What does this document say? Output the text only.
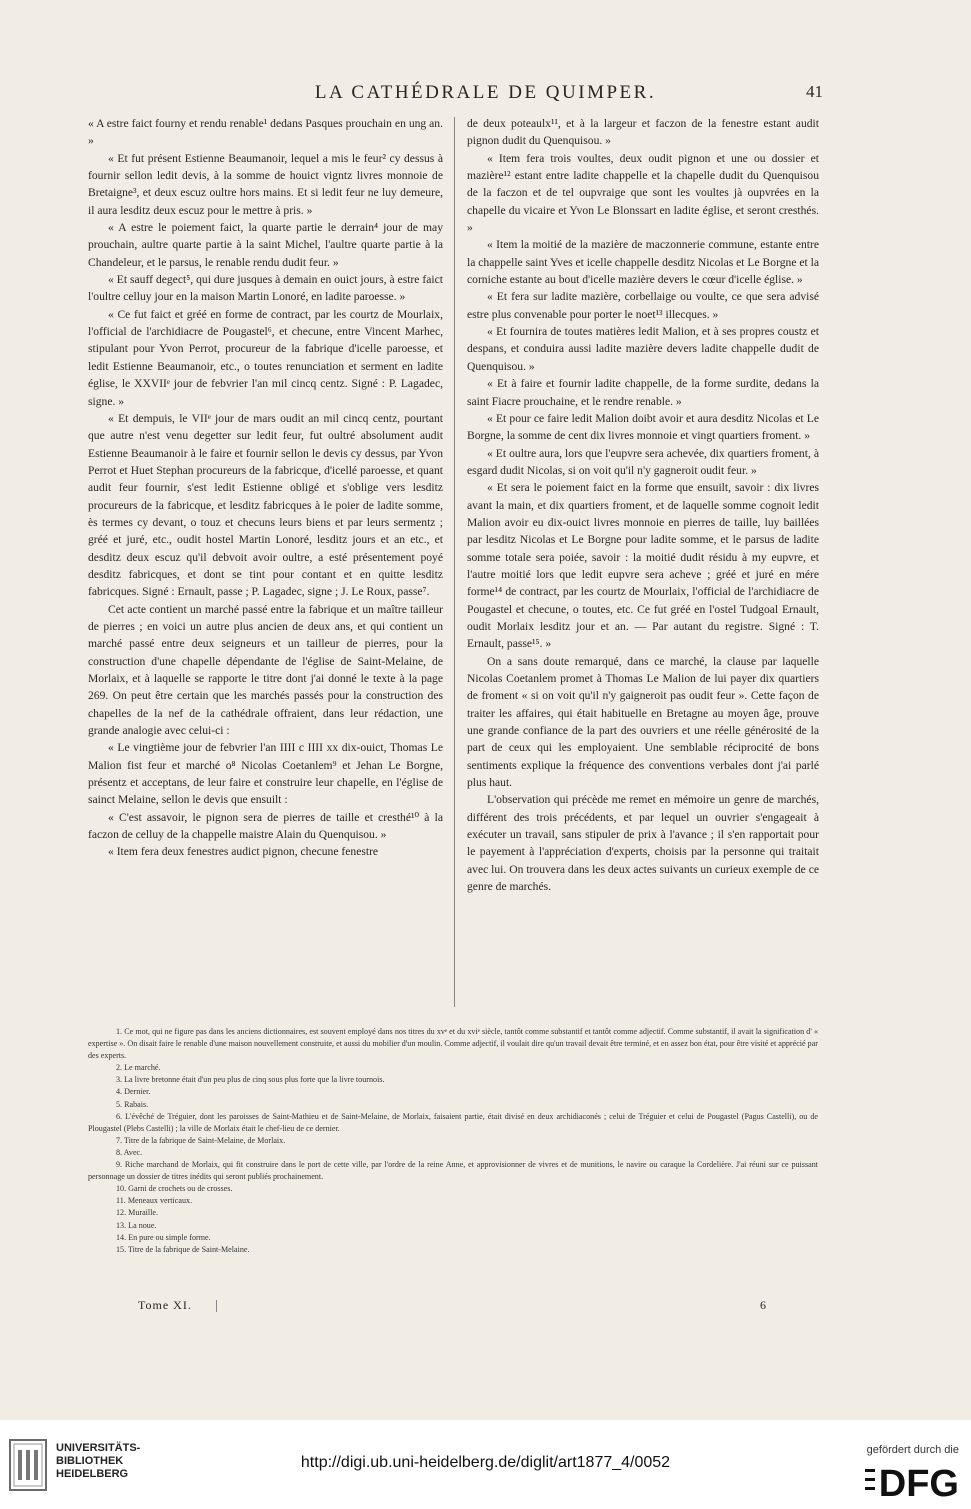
LA CATHÉDRALE DE QUIMPER.	41

« A estre faict fourny et rendu renable¹ dedans Pasques prouchain en ung an. »

« Et fut présent Estienne Beaumanoir, lequel a mis le feur² cy dessus à fournir sellon ledit devis, à la somme de houict vigntz livres monnoie de Bretaigne³, et deux escuz oultre hors mains. Et si ledit feur ne luy demeure, il aura lesditz deux escuz pour le mettre à pris. »

« A estre le poiement faict, la quarte partie le derrain⁴ jour de may prouchain, aultre quarte partie à la saint Michel, l'aultre quarte partie à la Chandeleur, et le parsus, le renable rendu dudit feur. »

« Et sauff degect⁵, qui dure jusques à demain en ouict jours, à estre faict l'oultre celluy jour en la maison Martin Lonoré, en ladite paroesse. »

« Ce fut faict et gréé en forme de contract, par les courtz de Mourlaix, l'official de l'archidiacre de Pougastel⁶, et checune, entre Vincent Marhec, stipulant pour Yvon Perrot, procureur de la fabrique d'icelle paroesse, et ledit Estienne Beaumanoir, etc., o toutes renunciation et serment en ladite église, le XXVIIᵉ jour de febvrier l'an mil cincq centz. Signé : P. Lagadec, signe. »

« Et dempuis, le VIIᵉ jour de mars oudit an mil cincq centz, pourtant que autre n'est venu degetter sur ledit feur, fut oultré absolument audit Estienne Beaumanoir à le faire et fournir sellon le devis cy dessus, par Yvon Perrot et Huet Stephan procureurs de la fabricque, d'icellé paroesse, et quant audit feur fournir, s'est ledit Estienne obligé et s'oblige vers lesditz procureurs de la fabricque, et lesditz fabricques à le poier de ladite somme, ès termes cy devant, o touz et checuns leurs biens et par leurs sermentz ; gréé et juré, etc., oudit hostel Martin Lonoré, lesditz jours et an etc., et desditz deux escuz qu'il debvoit avoir oultre, a esté présentement poyé desditz fabricques, et dont se tint pour contant et en quitte lesditz fabricques. Signé : Ernault, passe ; P. Lagadec, signe ; J. Le Roux, passe⁷.

Cet acte contient un marché passé entre la fabrique et un maître tailleur de pierres ; en voici un autre plus ancien de deux ans, et qui contient un marché passé entre deux seigneurs et un tailleur de pierres, pour la construction d'une chapelle dépendante de l'église de Saint-Melaine, de Morlaix, et à laquelle se rapporte le titre dont j'ai donné le texte à la page 269. On peut être certain que les marchés passés pour la construction des chapelles de la nef de la cathédrale offraient, dans leur rédaction, une grande analogie avec celui-ci :

« Le vingtième jour de febvrier l'an IIII c IIII xx dix-ouict, Thomas Le Malion fist feur et marché o⁸ Nicolas Coetanlem⁹ et Jehan Le Borgne, présentz et acceptans, de leur faire et construire leur chapelle, en l'église de sainct Melaine, sellon le devis que ensuilt :

« C'est assavoir, le pignon sera de pierres de taille et cresthé¹⁰ à la faczon de celluy de la chappelle maistre Alain du Quenquisou. »

« Item fera deux fenestres audict pignon, checune fenestre

de deux poteaulx¹¹, et à la largeur et faczon de la fenestre estant audit pignon dudit du Quenquisou. »

« Item fera trois voultes, deux oudit pignon et une ou dossier et mazière¹² estant entre ladite chappelle et la chapelle dudit du Quenquisou de la faczon et de tel oupvraige que sont les voultes jà oupvrées en la chapelle du vicaire et Yvon Le Blonssart en ladite église, et seront cresthés. »

« Item la moitié de la mazière de maczonnerie commune, estante entre la chappelle saint Yves et icelle chappelle desditz Nicolas et Le Borgne et la corniche estante au bout d'icelle mazière devers le cœur d'icelle église. »

« Et fera sur ladite mazière, corbellaige ou voulte, ce que sera advisé estre plus convenable pour porter le noet¹³ illecques. »

« Et fournira de toutes matières ledit Malion, et à ses propres coustz et despans, et conduira aussi ladite mazière devers ladite chappelle dudit de Quenquisou. »

« Et à faire et fournir ladite chappelle, de la forme surdite, dedans la saint Fiacre prouchaine, et le rendre renable. »

« Et pour ce faire ledit Malion doibt avoir et aura desditz Nicolas et Le Borgne, la somme de cent dix livres monnoie et vingt quartiers froment. »

« Et oultre aura, lors que l'eupvre sera achevée, dix quartiers froment, à esgard dudit Nicolas, si on voit qu'il n'y gagneroit oudit feur. »

« Et sera le poiement faict en la forme que ensuilt, savoir : dix livres avant la main, et dix quartiers froment, et de laquelle somme cognoit ledit Malion avoir eu dix-ouict livres monnoie en pierres de taille, luy baillées par lesditz Nicolas et Le Borgne pour ladite somme, et le parsus de ladite somme totale sera poiée, savoir : la moitié dudit résidu à my eupvre, et l'autre moitié lors que ledit eupvre sera acheve ; gréé et juré en mére forme¹⁴ de contract, par les courtz de Mourlaix, l'official de l'archidiacre de Pougastel et checune, o toutes, etc. Ce fut gréé en l'ostel Tudgoal Ernault, oudit Morlaix lesditz jour et an. — Par autant du registre. Signé : T. Ernault, passe¹⁵. »

On a sans doute remarqué, dans ce marché, la clause par laquelle Nicolas Coetanlem promet à Thomas Le Malion de lui payer dix quartiers de froment « si on voit qu'il n'y gaigneroit pas oudit feur ». Cette façon de traiter les affaires, qui était habituelle en Bretagne au moyen âge, prouve une grande confiance de la part des ouvriers et une réelle générosité de la part de ceux qui les employaient. Une semblable réciprocité de bons sentiments explique la fréquence des conventions verbales dont j'ai parlé plus haut.

L'observation qui précède me remet en mémoire un genre de marchés, différent des trois précédents, et par lequel un ouvrier s'engageait à exécuter un travail, sans stipuler de prix à l'avance ; il s'en rapportait pour le payement à l'appréciation d'experts, choisis par la personne qui traitait avec lui. On trouvera dans les deux actes suivants un curieux exemple de ce genre de marchés.

1. Ce mot, qui ne figure pas dans les anciens dictionnaires, est souvent employé dans nos titres du xvᵉ et du xviᵉ siècle, tantôt comme substantif et tantôt comme adjectif. Comme substantif, il avait la signification d' « expertise ». On disait faire le renable d'une maison nouvellement construite, et aussi du mobilier d'un moulin. Comme adjectif, il voulait dire qu'un travail devait être terminé, et en assez bon état, pour être visité et apprécié par des experts.

2. Le marché.

3. La livre bretonne était d'un peu plus de cinq sous plus forte que la livre tournois.

4. Dernier.

5. Rabais.

6. L'évêché de Tréguier, dont les paroisses de Saint-Mathieu et de Saint-Melaine, de Morlaix, faisaient partie, était divisé en deux archidiaconés ; celui de Tréguier et celui de Pougastel (Pagus Castelli), ou de Plougastel (Plebs Castelli) ; la ville de Morlaix était le chef-lieu de ce dernier.

7. Titre de la fabrique de Saint-Melaine, de Morlaix.

8. Avec.

9. Riche marchand de Morlaix, qui fit construire dans le port de cette ville, par l'ordre de la reine Anne, et approvisionner de vivres et de munitions, le navire ou caraque la Cordelière. J'ai réuni sur ce puissant personnage un dossier de titres inédits qui seront publiés prochainement.

10. Garni de crochets ou de crosses.

11. Meneaux verticaux.

12. Muraille.

13. La noue.

14. En pure ou simple forme.

15. Titre de la fabrique de Saint-Melaine.

Tome XI.	6
UNIVERSITÄTS-
BIBLIOTHEK
HEIDELBERG
http://digi.ub.uni-heidelberg.de/diglit/art1877_4/0052
gefördert durch die
DFG
